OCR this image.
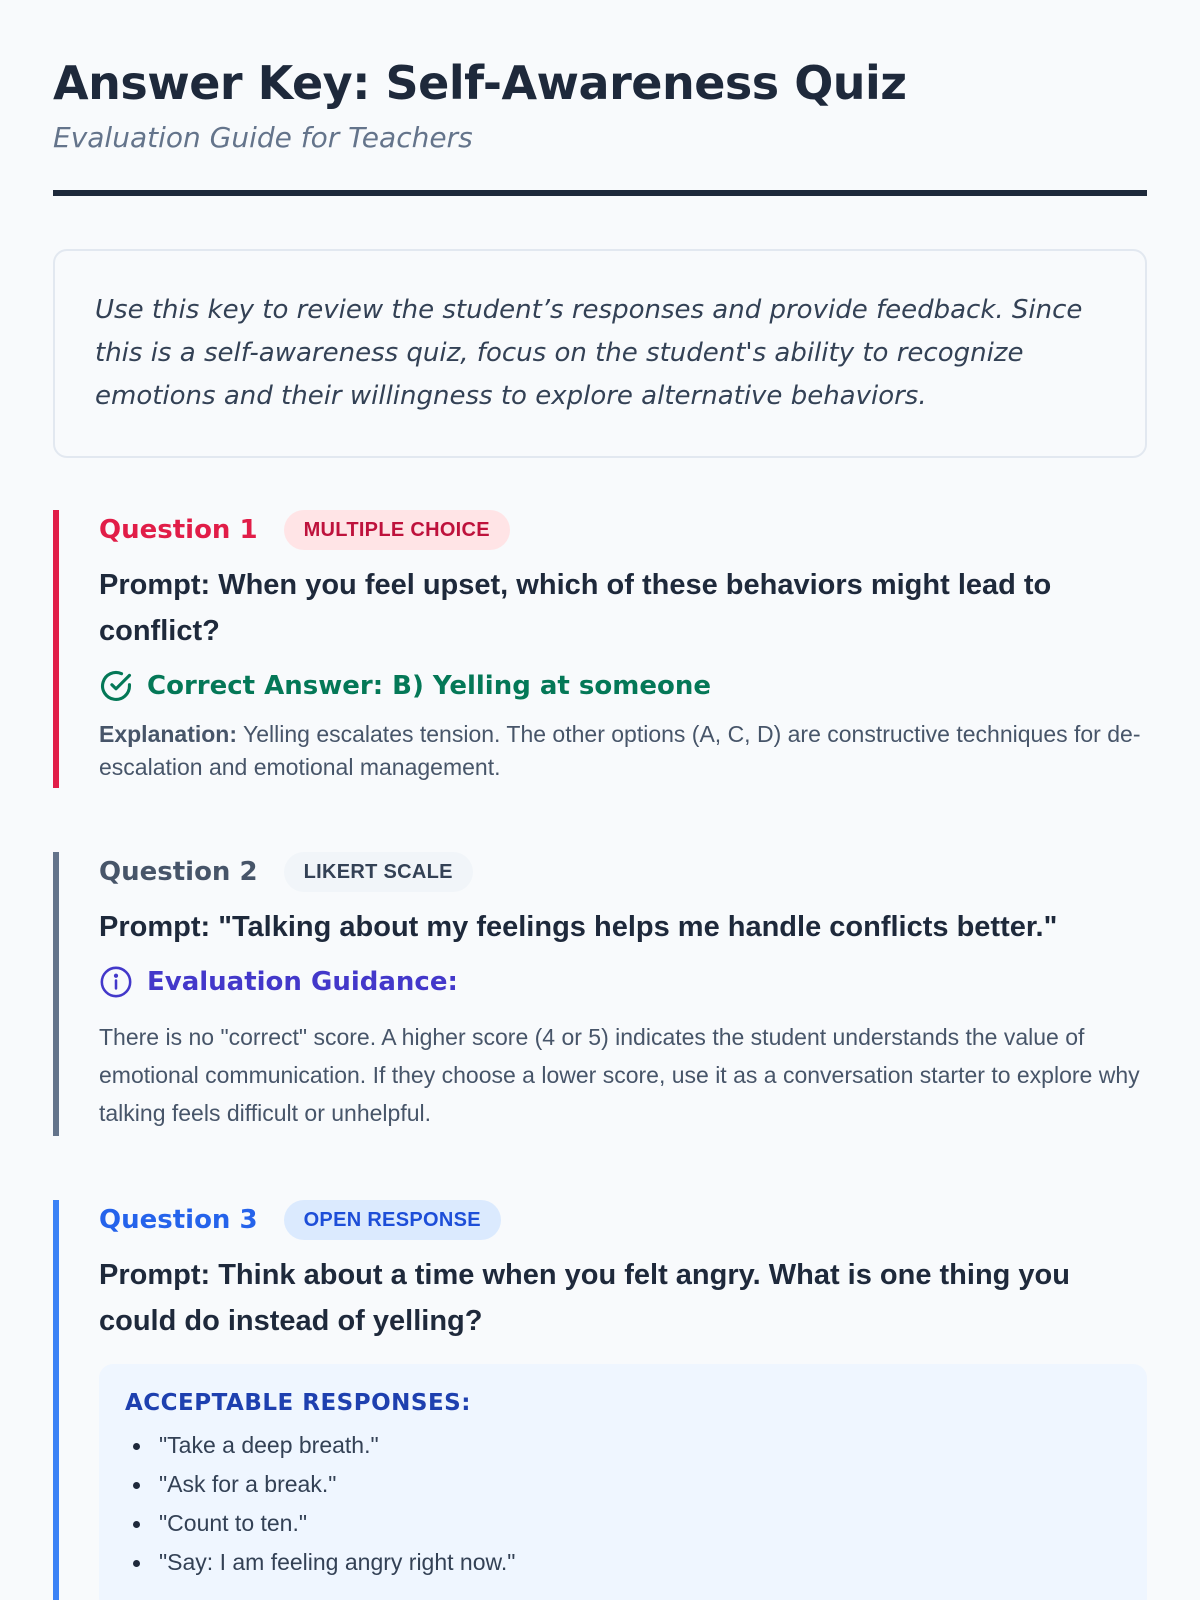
Answer Key: Self-Awareness Quiz
Evaluation Guide for Teachers

Use this key to review the student’s responses and provide feedback. Since this is a self-awareness quiz, focus on the student's ability to recognize emotions and their willingness to explore alternative behaviors.

Question 1	MULTIPLE CHOICE
Prompt: When you feel upset, which of these behaviors might lead to conflict?
Correct Answer: B) Yelling at someone

Explanation: Yelling escalates tension. The other options (A, C, D) are constructive techniques for de-escalation and emotional management.

Question 2	LIKERT SCALE
Prompt: "Talking about my feelings helps me handle conflicts better."
Evaluation Guidance:

There is no "correct" score. A higher score (4 or 5) indicates the student understands the value of emotional communication. If they choose a lower score, use it as a conversation starter to explore why talking feels difficult or unhelpful.

Question 3	OPEN RESPONSE
Prompt: Think about a time when you felt angry. What is one thing you could do instead of yelling?
ACCEPTABLE RESPONSES:
"Take a deep breath."
"Ask for a break."
"Count to ten."
"Say: I am feeling angry right now."
